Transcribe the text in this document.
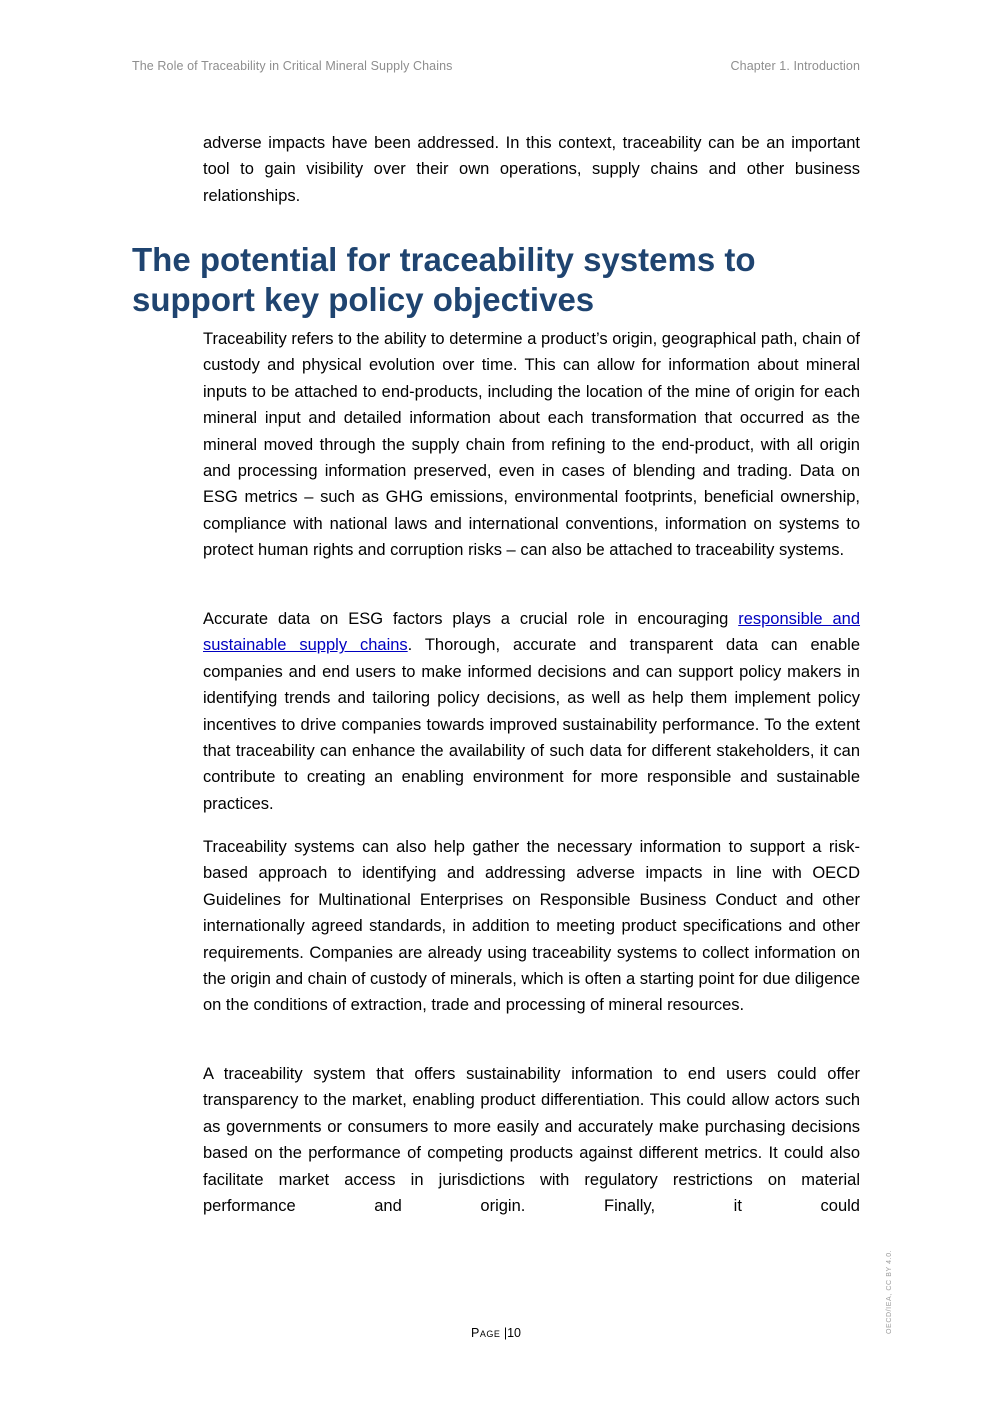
The Role of Traceability in Critical Mineral Supply Chains	Chapter 1. Introduction

adverse impacts have been addressed. In this context, traceability can be an important tool to gain visibility over their own operations, supply chains and other business relationships.

The potential for traceability systems to support key policy objectives

Traceability refers to the ability to determine a product’s origin, geographical path, chain of custody and physical evolution over time. This can allow for information about mineral inputs to be attached to end-products, including the location of the mine of origin for each mineral input and detailed information about each transformation that occurred as the mineral moved through the supply chain from refining to the end-product, with all origin and processing information preserved, even in cases of blending and trading. Data on ESG metrics – such as GHG emissions, environmental footprints, beneficial ownership, compliance with national laws and international conventions, information on systems to protect human rights and corruption risks – can also be attached to traceability systems.

Accurate data on ESG factors plays a crucial role in encouraging responsible and sustainable supply chains. Thorough, accurate and transparent data can enable companies and end users to make informed decisions and can support policy makers in identifying trends and tailoring policy decisions, as well as help them implement policy incentives to drive companies towards improved sustainability performance. To the extent that traceability can enhance the availability of such data for different stakeholders, it can contribute to creating an enabling environment for more responsible and sustainable practices.

Traceability systems can also help gather the necessary information to support a risk-based approach to identifying and addressing adverse impacts in line with OECD Guidelines for Multinational Enterprises on Responsible Business Conduct and other internationally agreed standards, in addition to meeting product specifications and other requirements. Companies are already using traceability systems to collect information on the origin and chain of custody of minerals, which is often a starting point for due diligence on the conditions of extraction, trade and processing of mineral resources.

A traceability system that offers sustainability information to end users could offer transparency to the market, enabling product differentiation. This could allow actors such as governments or consumers to more easily and accurately make purchasing decisions based on the performance of competing products against different metrics. It could also facilitate market access in jurisdictions with regulatory restrictions on material performance and origin. Finally, it could

Page |10	OECD/IEA, CC BY 4.0.
